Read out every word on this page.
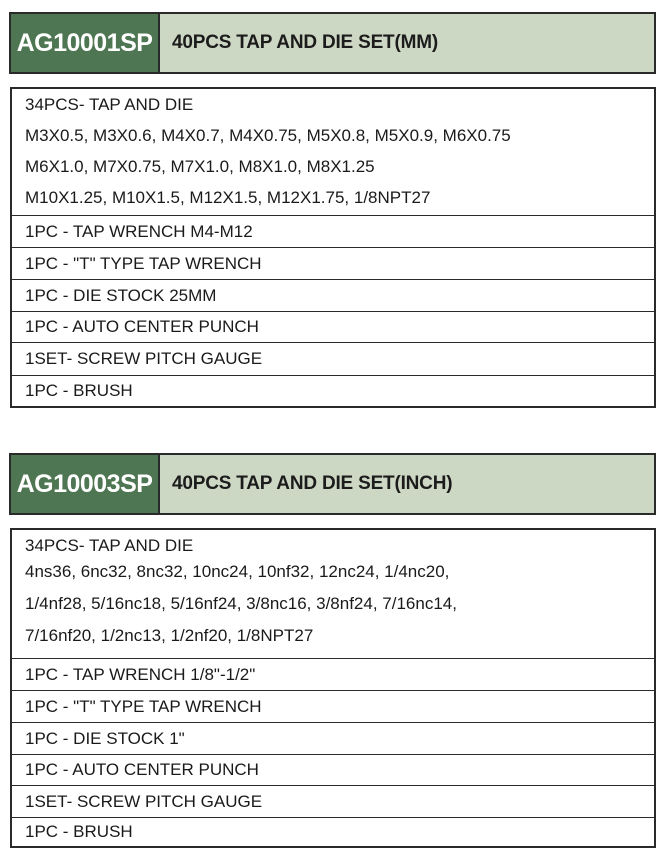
AG10001SP	40PCS TAP AND DIE SET(MM)
34PCS- TAP AND DIE
M3X0.5, M3X0.6, M4X0.7, M4X0.75, M5X0.8, M5X0.9, M6X0.75
M6X1.0, M7X0.75, M7X1.0, M8X1.0, M8X1.25
M10X1.25, M10X1.5, M12X1.5, M12X1.75, 1/8NPT27
1PC - TAP WRENCH M4-M12
1PC - "T" TYPE TAP WRENCH
1PC - DIE STOCK 25MM
1PC - AUTO CENTER PUNCH
1SET- SCREW PITCH GAUGE
1PC - BRUSH
AG10003SP	40PCS TAP AND DIE SET(INCH)
34PCS- TAP AND DIE
4ns36, 6nc32, 8nc32, 10nc24, 10nf32, 12nc24, 1/4nc20,
1/4nf28, 5/16nc18, 5/16nf24, 3/8nc16, 3/8nf24, 7/16nc14,
7/16nf20, 1/2nc13, 1/2nf20, 1/8NPT27
1PC - TAP WRENCH 1/8"-1/2"
1PC - "T" TYPE TAP WRENCH
1PC - DIE STOCK 1"
1PC - AUTO CENTER PUNCH
1SET- SCREW PITCH GAUGE
1PC - BRUSH
